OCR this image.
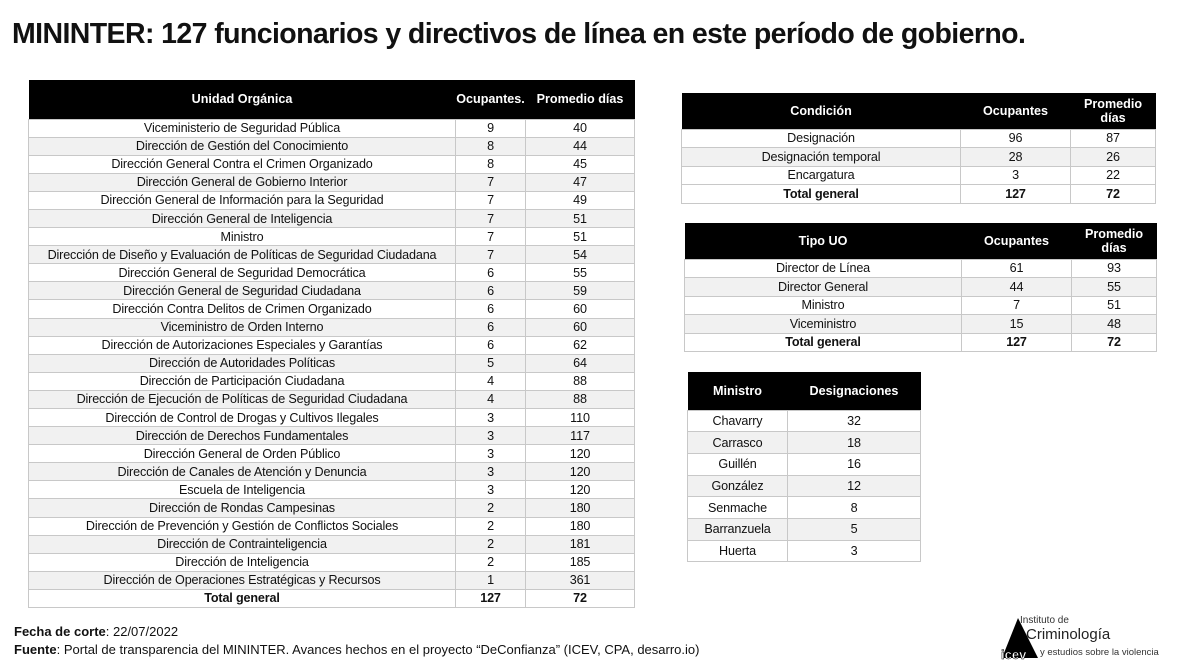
MININTER: 127 funcionarios y directivos de línea en este período de gobierno.
Unidad Orgánica	Ocupantes.	Promedio días
Viceministerio de Seguridad Pública	9	40
Dirección de Gestión del Conocimiento	8	44
Dirección General Contra el Crimen Organizado	8	45
Dirección General de Gobierno Interior	7	47
Dirección General de Información para la Seguridad	7	49
Dirección General de Inteligencia	7	51
Ministro	7	51
Dirección de Diseño y Evaluación de Políticas de Seguridad Ciudadana	7	54
Dirección General de Seguridad Democrática	6	55
Dirección General de Seguridad Ciudadana	6	59
Dirección Contra Delitos de Crimen Organizado	6	60
Viceministro de Orden Interno	6	60
Dirección de Autorizaciones Especiales y Garantías	6	62
Dirección de Autoridades Políticas	5	64
Dirección de Participación Ciudadana	4	88
Dirección de Ejecución de Políticas de Seguridad Ciudadana	4	88
Dirección de Control de Drogas y Cultivos Ilegales	3	110
Dirección de Derechos Fundamentales	3	117
Dirección General de Orden Público	3	120
Dirección de Canales de Atención y Denuncia	3	120
Escuela de Inteligencia	3	120
Dirección de Rondas Campesinas	2	180
Dirección de Prevención y Gestión de Conflictos Sociales	2	180
Dirección de Contrainteligencia	2	181
Dirección de Inteligencia	2	185
Dirección de Operaciones Estratégicas y Recursos	1	361
Total general	127	72
Condición	Ocupantes	Promedio días
Designación	96	87
Designación temporal	28	26
Encargatura	3	22
Total general	127	72
Tipo UO	Ocupantes	Promedio días
Director de Línea	61	93
Director General	44	55
Ministro	7	51
Viceministro	15	48
Total general	127	72
Ministro	Designaciones
Chavarry	32
Carrasco	18
Guillén	16
González	12
Senmache	8
Barranzuela	5
Huerta	3
Fecha de corte: 22/07/2022
Fuente: Portal de transparencia del MININTER. Avances hechos en el proyecto “DeConfianza” (ICEV, CPA, desarro.io)	icev
Instituto de
Criminología
y estudios sobre la violencia
